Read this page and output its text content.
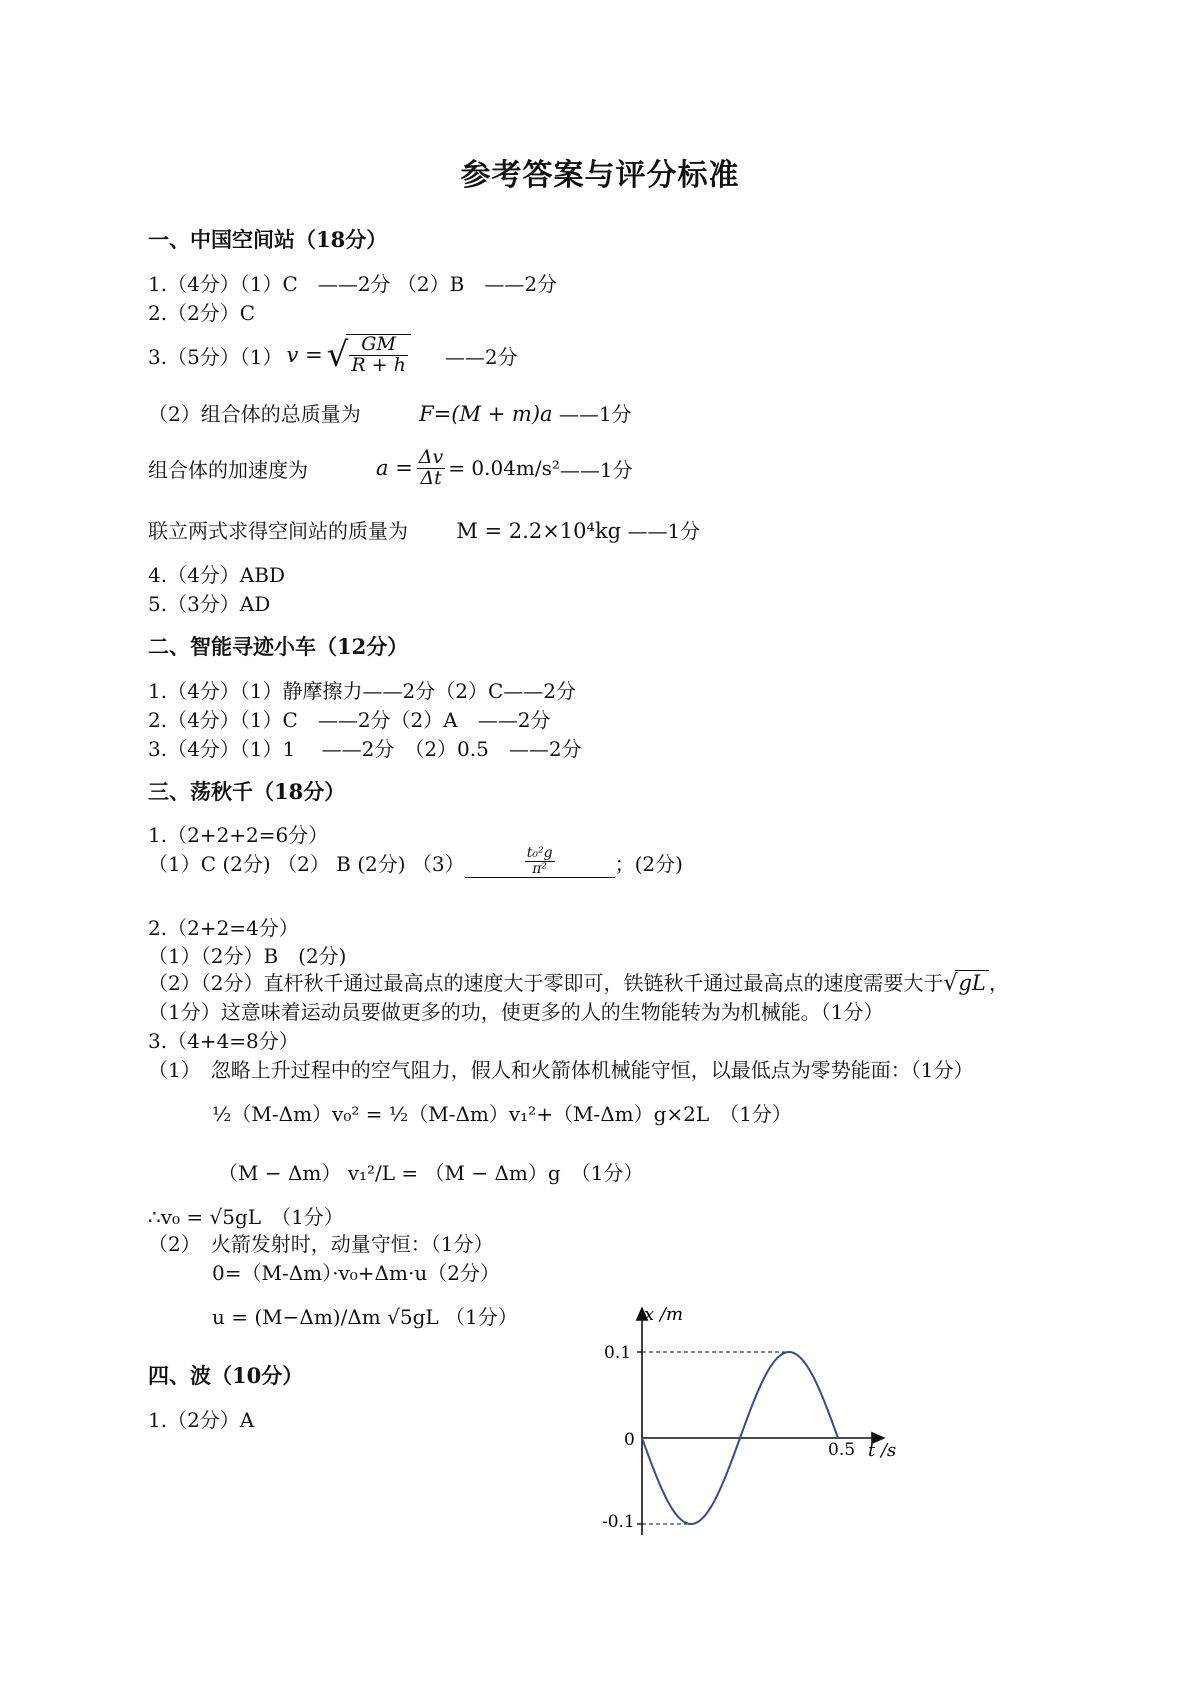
参考答案与评分标准
一、中国空间站（18分）
1.（4分）（1）C　——2分 （2）B　——2分
2.（2分）C
3.（5分）（1） v = √
$\frac{GM}{R + h}$ ——2分
（2）组合体的总质量为	F=(M + m)a ——1分
组合体的加速度为	$a = \frac{\Delta v}{\Delta t} = 0.04m/s^2$ ——1分
联立两式求得空间站的质量为 M = 2.2×10⁴kg ——1分
4.（4分）ABD
5.（3分）AD
二、智能寻迹小车（12分）
1.（4分）（1）静摩擦力——2分（2）C——2分
2.（4分）（1）C　——2分（2）A　——2分
3.（4分）（1）1　 ——2分　（2）0.5　——2分
三、荡秋千（18分）
1.（2+2+2=6分）
（1）C (2分) （2） B (2分) （3）	$\frac{\text{t₀²g}}{\text{π²}}$	；(2分)
2.（2+2=4分）
（1）（2分）B　(2分)
（2）（2分）直杆秋千通过最高点的速度大于零即可，铁链秋千通过最高点的速度需要大于√gL ，
（1分）这意味着运动员要做更多的功，使更多的人的生物能转为为机械能。（1分）
3.（4+4=8分）
（1）　忽略上升过程中的空气阻力，假人和火箭体机械能守恒，以最低点为零势能面：（1分）
½（M-Δm）v₀² = ½（M-Δm）v₁²+（M-Δm）g×2L　（1分）
（M − Δm） v₁²/L = （M − Δm）g　（1分）
∴v₀ = √5gL　（1分）
（2）　火箭发射时，动量守恒：（1分）
0=（M-Δm）·v₀+Δm·u（2分）
u = (M−Δm)/Δm √5gL （1分）
四、波（10分）
1.（2分）A
x /m
t /s
0.1
0
-0.1
0.5
